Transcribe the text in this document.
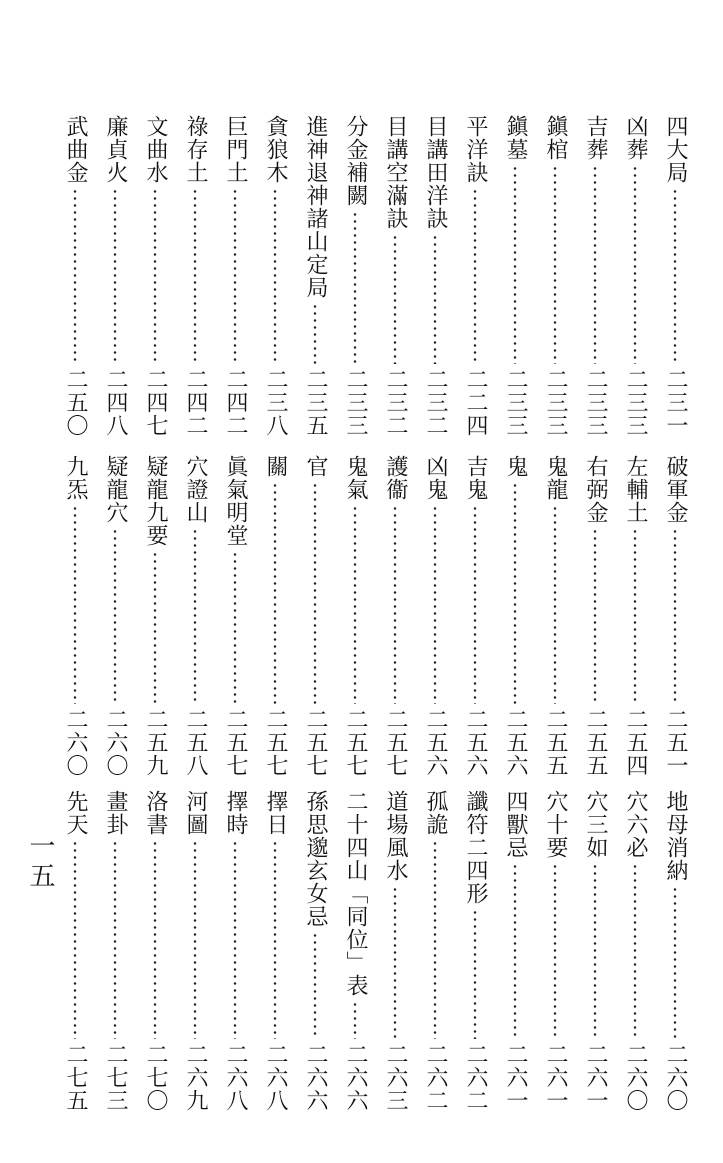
四大局
二三一
凶葬
二三三
吉葬
二三三
鎭棺
二三三
鎭墓
二三三
平洋訣
二二四
目講田洋訣
二三二
目講空滿訣
二三二
分金補闕
二三三
進神退神諸山定局
二三五
貪狼木
二三八
巨門土
二四二
祿存土
二四二
文曲水
二四七
廉貞火
二四八
武曲金
二五〇
破軍金
二五一
左輔土
二五四
右弼金
二五五
鬼龍
二五五
鬼
二五六
吉鬼
二五六
凶鬼
二五六
護衞
二五七
鬼氣
二五七
官
二五七
關
二五七
眞氣明堂
二五七
穴證山
二五八
疑龍九要
二五九
疑龍穴
二六〇
九炁
二六〇
地母消納
二六〇
穴六必
二六〇
穴三如
二六一
穴十要
二六一
四獸忌
二六一
讖符二四形
二六二
孤詭
二六二
道場風水
二六三
二十四山「同位」表
二六六
孫思邈玄女忌
二六六
擇日
二六八
擇時
二六八
河圖
二六九
洛書
二七〇
畫卦
二七三
先天
二七五
一五
